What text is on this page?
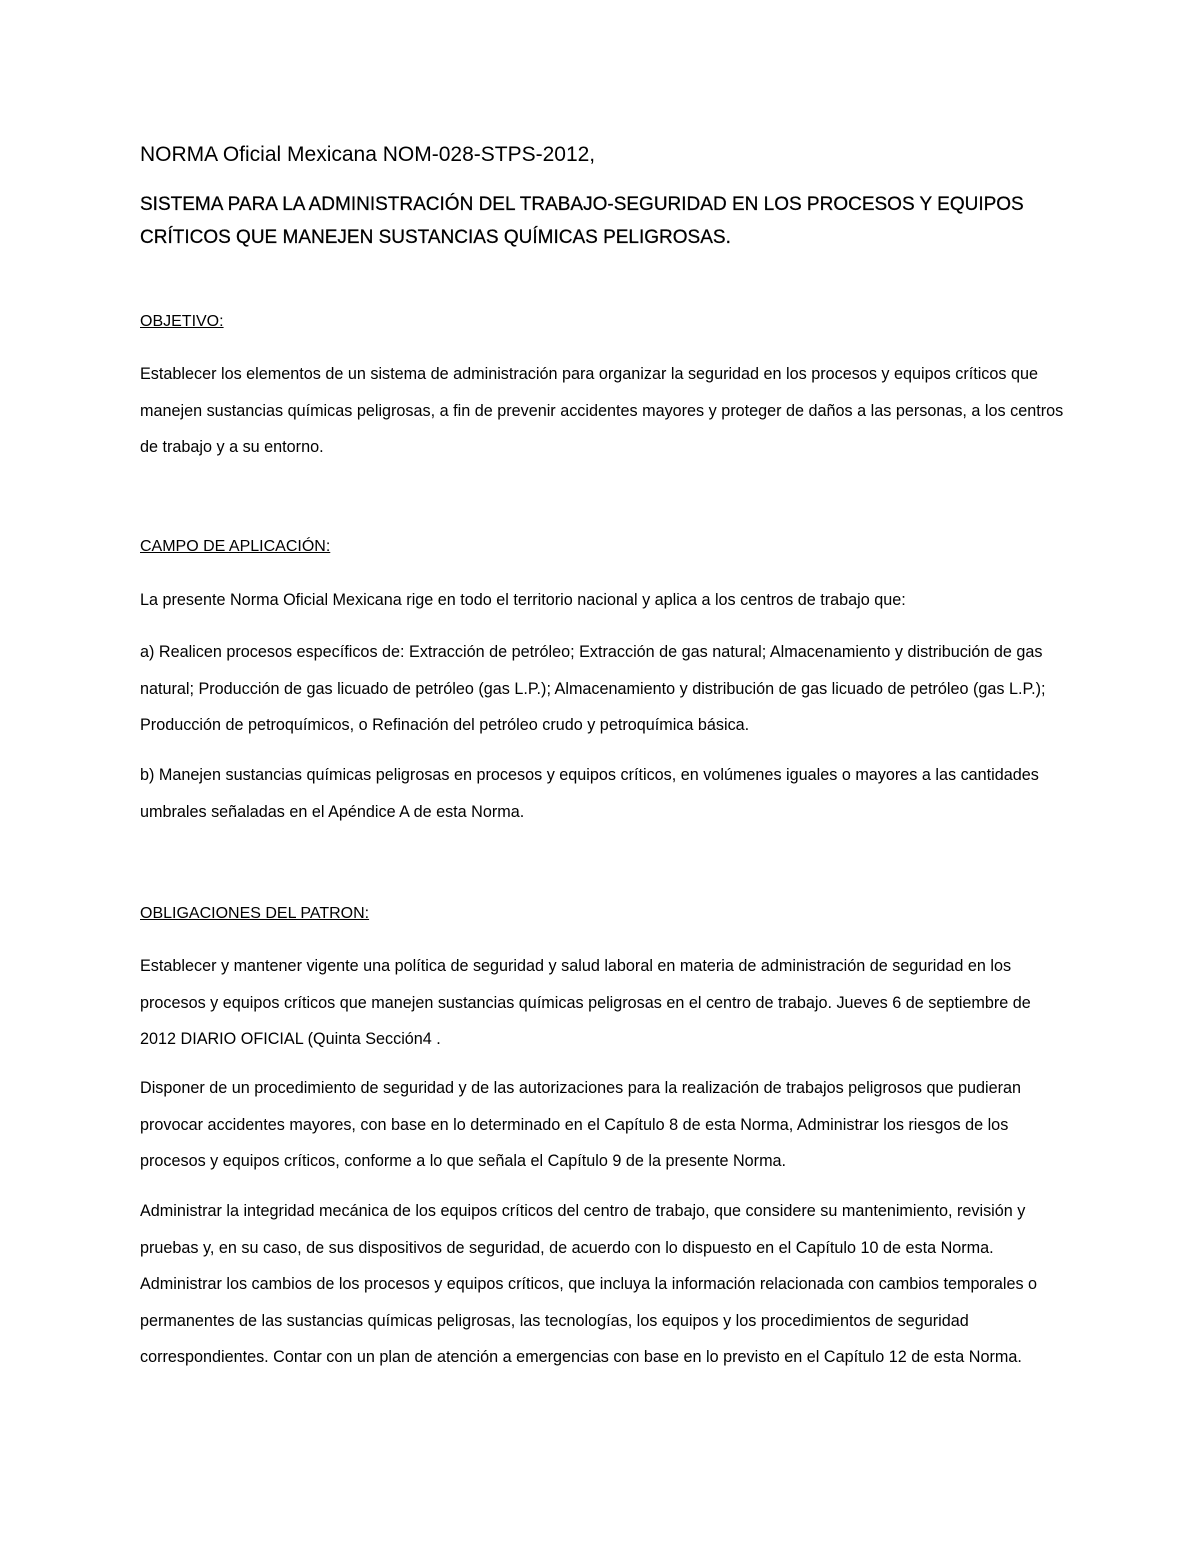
NORMA Oficial Mexicana NOM-028-STPS-2012,
SISTEMA PARA LA ADMINISTRACIÓN DEL TRABAJO-SEGURIDAD EN LOS PROCESOS Y EQUIPOS CRÍTICOS QUE MANEJEN SUSTANCIAS QUÍMICAS PELIGROSAS.
OBJETIVO:

Establecer los elementos de un sistema de administración para organizar la seguridad en los procesos y equipos críticos que manejen sustancias químicas peligrosas, a fin de prevenir accidentes mayores y proteger de daños a las personas, a los centros de trabajo y a su entorno.

CAMPO DE APLICACIÓN:

La presente Norma Oficial Mexicana rige en todo el territorio nacional y aplica a los centros de trabajo que:

a) Realicen procesos específicos de: Extracción de petróleo; Extracción de gas natural; Almacenamiento y distribución de gas natural; Producción de gas licuado de petróleo (gas L.P.); Almacenamiento y distribución de gas licuado de petróleo (gas L.P.); Producción de petroquímicos, o Refinación del petróleo crudo y petroquímica básica.

b) Manejen sustancias químicas peligrosas en procesos y equipos críticos, en volúmenes iguales o mayores a las cantidades umbrales señaladas en el Apéndice A de esta Norma.

OBLIGACIONES DEL PATRON:

Establecer y mantener vigente una política de seguridad y salud laboral en materia de administración de seguridad en los procesos y equipos críticos que manejen sustancias químicas peligrosas en el centro de trabajo. Jueves 6 de septiembre de 2012 DIARIO OFICIAL (Quinta Sección4 .

Disponer de un procedimiento de seguridad y de las autorizaciones para la realización de trabajos peligrosos que pudieran provocar accidentes mayores, con base en lo determinado en el Capítulo 8 de esta Norma, Administrar los riesgos de los procesos y equipos críticos, conforme a lo que señala el Capítulo 9 de la presente Norma.

Administrar la integridad mecánica de los equipos críticos del centro de trabajo, que considere su mantenimiento, revisión y pruebas y, en su caso, de sus dispositivos de seguridad, de acuerdo con lo dispuesto en el Capítulo 10 de esta Norma. Administrar los cambios de los procesos y equipos críticos, que incluya la información relacionada con cambios temporales o permanentes de las sustancias químicas peligrosas, las tecnologías, los equipos y los procedimientos de seguridad correspondientes. Contar con un plan de atención a emergencias con base en lo previsto en el Capítulo 12 de esta Norma.
